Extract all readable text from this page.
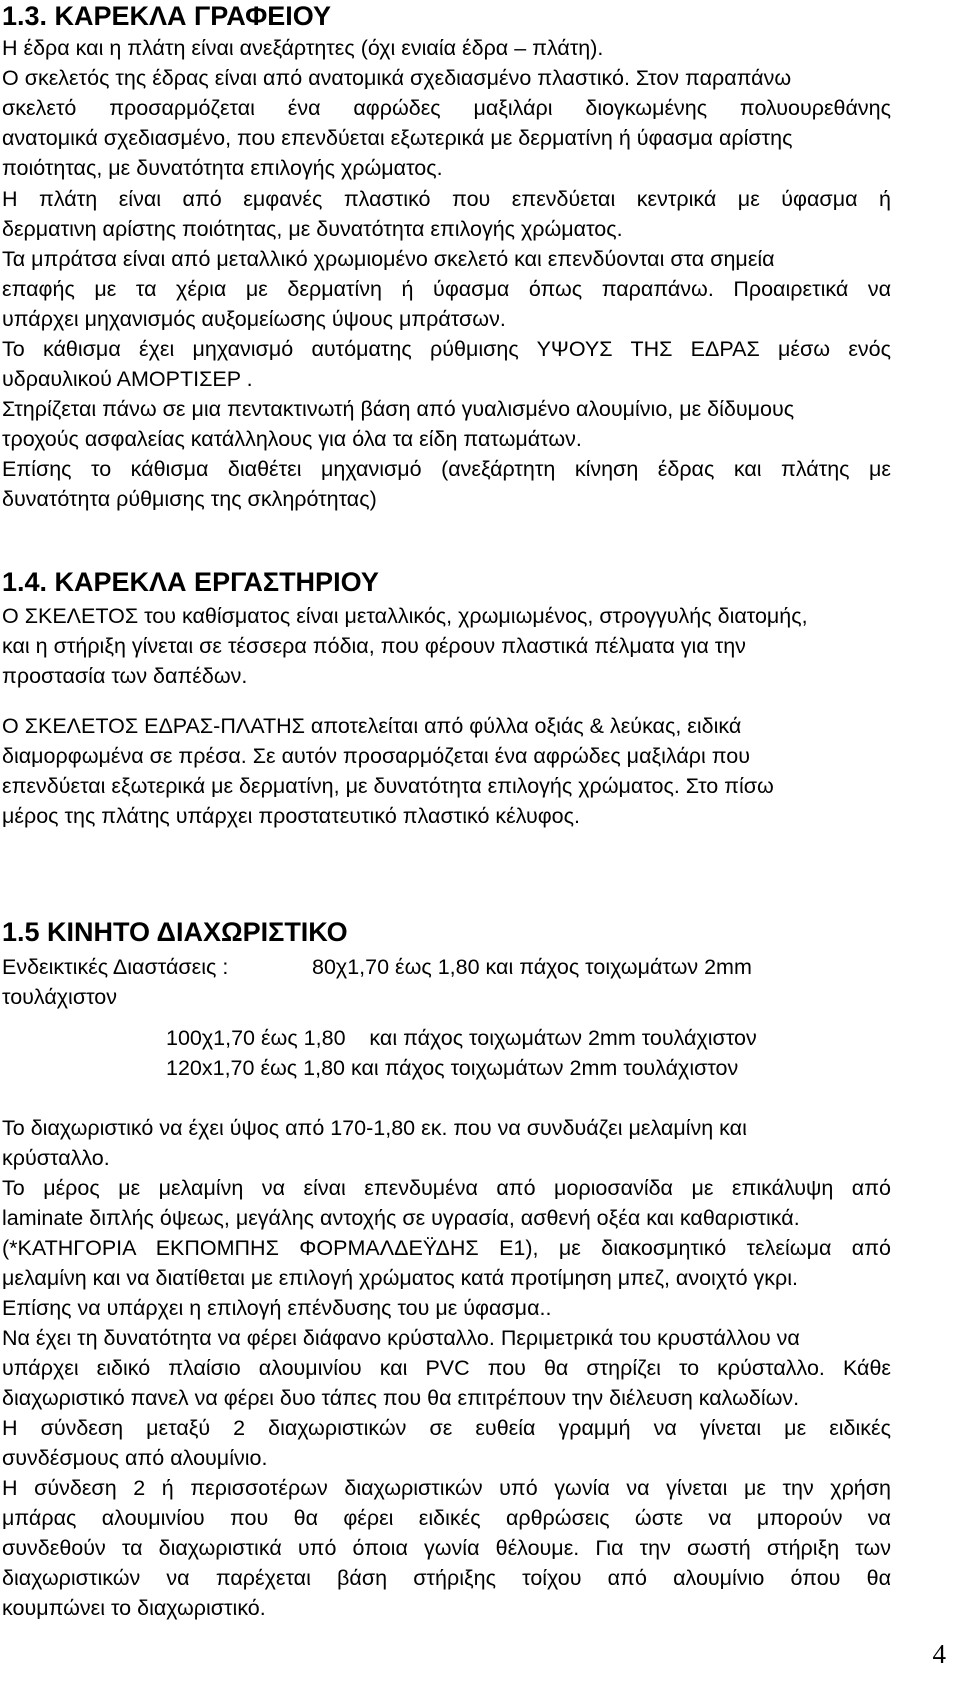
1.3. ΚΑΡΕΚΛΑ ΓΡΑΦΕΙΟΥ
Η έδρα και η πλάτη είναι ανεξάρτητες (όχι ενιαία έδρα – πλάτη).
Ο σκελετός της έδρας είναι από ανατομικά σχεδιασμένο πλαστικό. Στον παραπάνω
σκελετό προσαρμόζεται ένα αφρώδες μαξιλάρι διογκωμένης πολυουρεθάνης
ανατομικά σχεδιασμένο, που επενδύεται εξωτερικά με δερματίνη ή ύφασμα αρίστης
ποιότητας, με δυνατότητα επιλογής χρώματος.
Η πλάτη είναι από εμφανές πλαστικό που επενδύεται κεντρικά με ύφασμα ή
δερματινη αρίστης ποιότητας, με δυνατότητα επιλογής χρώματος.
Τα μπράτσα είναι από μεταλλικό χρωμιομένο σκελετό και επενδύονται στα σημεία
επαφής με τα χέρια με δερματίνη ή ύφασμα όπως παραπάνω. Προαιρετικά να
υπάρχει μηχανισμός αυξομείωσης ύψους μπράτσων.
Το κάθισμα έχει μηχανισμό αυτόματης ρύθμισης ΥΨΟΥΣ ΤΗΣ ΕΔΡΑΣ μέσω ενός
υδραυλικού ΑΜΟΡΤΙΣΕΡ .
Στηρίζεται πάνω σε μια πεντακτινωτή βάση από γυαλισμένο αλουμίνιο, με δίδυμους
τροχούς ασφαλείας κατάλληλους για όλα τα είδη πατωμάτων.
Επίσης το κάθισμα διαθέτει μηχανισμό (ανεξάρτητη κίνηση έδρας και πλάτης με
δυνατότητα ρύθμισης της σκληρότητας)
1.4. ΚΑΡΕΚΛΑ ΕΡΓΑΣΤΗΡΙΟΥ
Ο ΣΚΕΛΕΤΟΣ του καθίσματος είναι μεταλλικός, χρωμιωμένος, στρογγυλής διατομής,
και η στήριξη γίνεται σε τέσσερα πόδια, που φέρουν πλαστικά πέλματα για την
προστασία των δαπέδων.
Ο ΣΚΕΛΕΤΟΣ ΕΔΡΑΣ-ΠΛΑΤΗΣ αποτελείται από φύλλα οξιάς & λεύκας, ειδικά
διαμορφωμένα σε πρέσα. Σε αυτόν προσαρμόζεται ένα αφρώδες μαξιλάρι που
επενδύεται εξωτερικά με δερματίνη, με δυνατότητα επιλογής χρώματος. Στο πίσω
μέρος της πλάτης υπάρχει προστατευτικό πλαστικό κέλυφος.
1.5 ΚΙΝΗΤΟ ΔΙΑΧΩΡΙΣΤΙΚΟ
Ενδεικτικές Διαστάσεις :	80χ1,70 έως 1,80 και πάχος τοιχωμάτων 2mm
τουλάχιστον
100χ1,70 έως 1,80    και πάχος τοιχωμάτων 2mm τουλάχιστον
120x1,70 έως 1,80 και πάχος τοιχωμάτων 2mm τουλάχιστον
Το διαχωριστικό να έχει ύψος από 170-1,80 εκ. που να συνδυάζει μελαμίνη και
κρύσταλλο.
Το μέρος με μελαμίνη να είναι επενδυμένα από μοριοσανίδα με επικάλυψη από
laminate διπλής όψεως, μεγάλης αντοχής σε υγρασία, ασθενή οξέα και καθαριστικά.
(*ΚΑΤΗΓΟΡΙΑ ΕΚΠΟΜΠΗΣ ΦΟΡΜΑΛΔΕΫΔΗΣ Ε1), με διακοσμητικό τελείωμα από
μελαμίνη και να διατίθεται με επιλογή χρώματος κατά προτίμηση μπεζ, ανοιχτό γκρι.
Επίσης να υπάρχει η επιλογή επένδυσης του με ύφασμα..
Να έχει τη δυνατότητα να φέρει διάφανο κρύσταλλο. Περιμετρικά του κρυστάλλου να
υπάρχει ειδικό πλαίσιο αλουμινίου και PVC που θα στηρίζει το κρύσταλλο. Κάθε
διαχωριστικό πανελ να φέρει δυο τάπες που θα επιτρέπουν την διέλευση καλωδίων.
Η σύνδεση μεταξύ 2 διαχωριστικών σε ευθεία γραμμή να γίνεται με ειδικές
συνδέσμους από αλουμίνιο.
Η σύνδεση 2 ή περισσοτέρων διαχωριστικών υπό γωνία να γίνεται με την χρήση
μπάρας αλουμινίου που θα φέρει ειδικές αρθρώσεις ώστε να μπορούν να
συνδεθούν τα διαχωριστικά υπό όποια γωνία θέλουμε. Για την σωστή στήριξη των
διαχωριστικών να παρέχεται βάση στήριξης τοίχου από αλουμίνιο όπου θα
κουμπώνει το διαχωριστικό.
4
